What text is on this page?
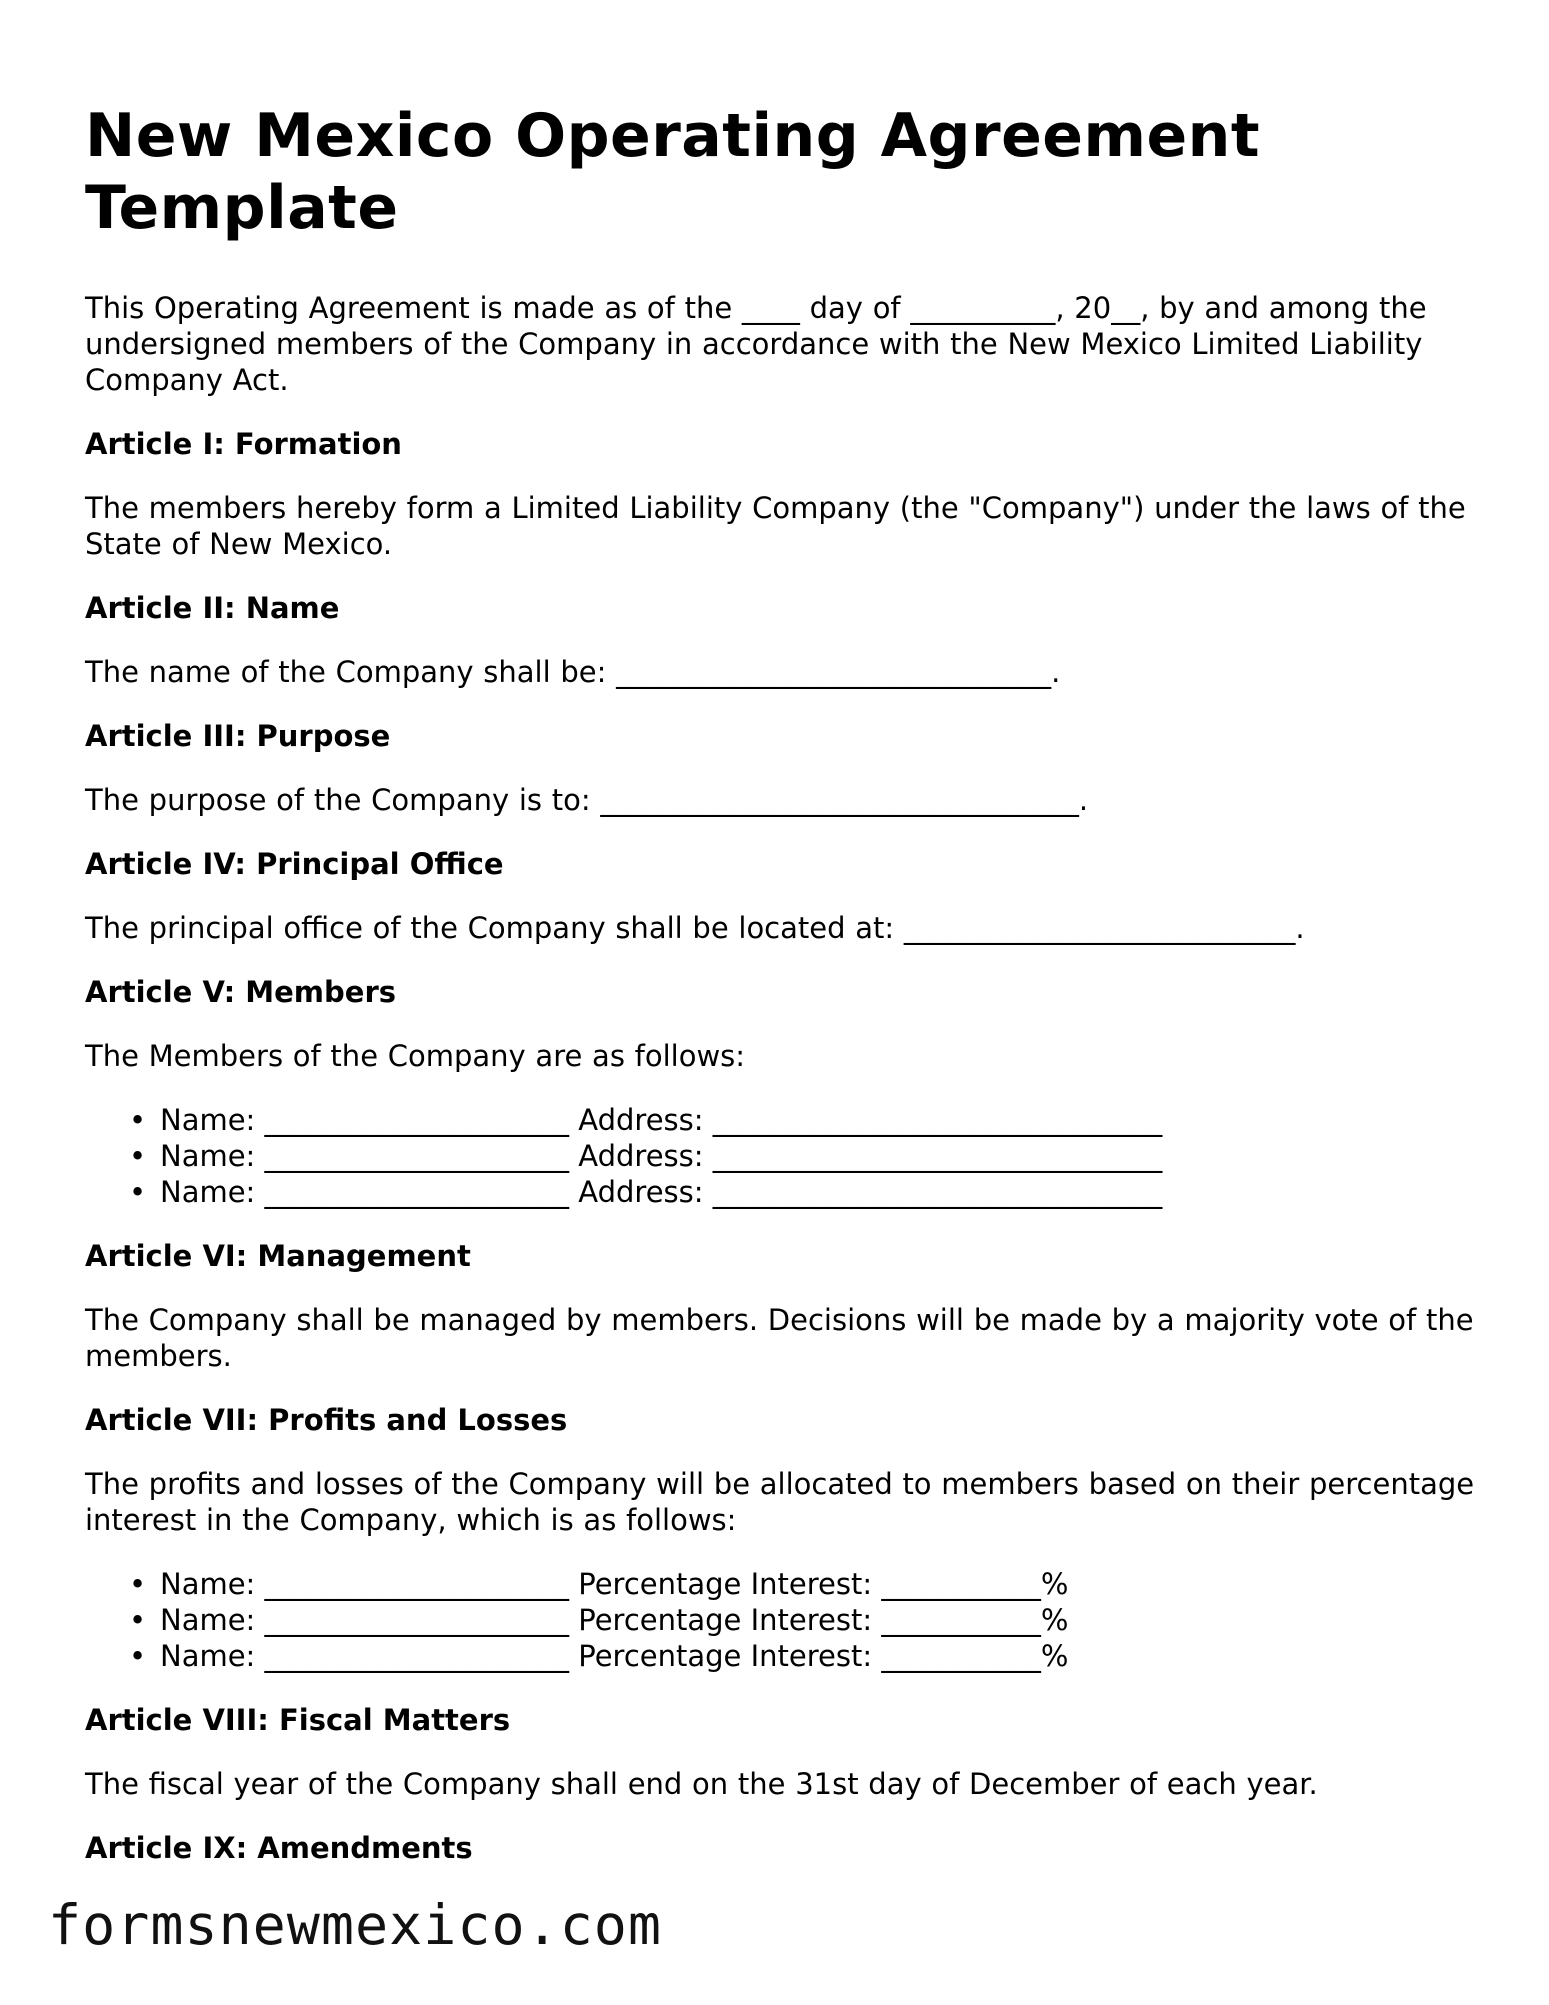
New Mexico Operating Agreement Template

This Operating Agreement is made as of the ____ day of __________, 20__, by and among the undersigned members of the Company in accordance with the New Mexico Limited Liability Company Act.

Article I: Formation

The members hereby form a Limited Liability Company (the "Company") under the laws of the State of New Mexico.

Article II: Name

The name of the Company shall be: ______________________________.

Article III: Purpose

The purpose of the Company is to: _________________________________.

Article IV: Principal Office

The principal office of the Company shall be located at: ___________________________.

Article V: Members

The Members of the Company are as follows:

• Name: _____________________ Address: _______________________________
• Name: _____________________ Address: _______________________________
• Name: _____________________ Address: _______________________________
Article VI: Management

The Company shall be managed by members. Decisions will be made by a majority vote of the members.

Article VII: Profits and Losses

The profits and losses of the Company will be allocated to members based on their percentage interest in the Company, which is as follows:

• Name: _____________________ Percentage Interest: ___________%
• Name: _____________________ Percentage Interest: ___________%
• Name: _____________________ Percentage Interest: ___________%
Article VIII: Fiscal Matters

The fiscal year of the Company shall end on the 31st day of December of each year.

Article IX: Amendments
formsnewmexico.com
